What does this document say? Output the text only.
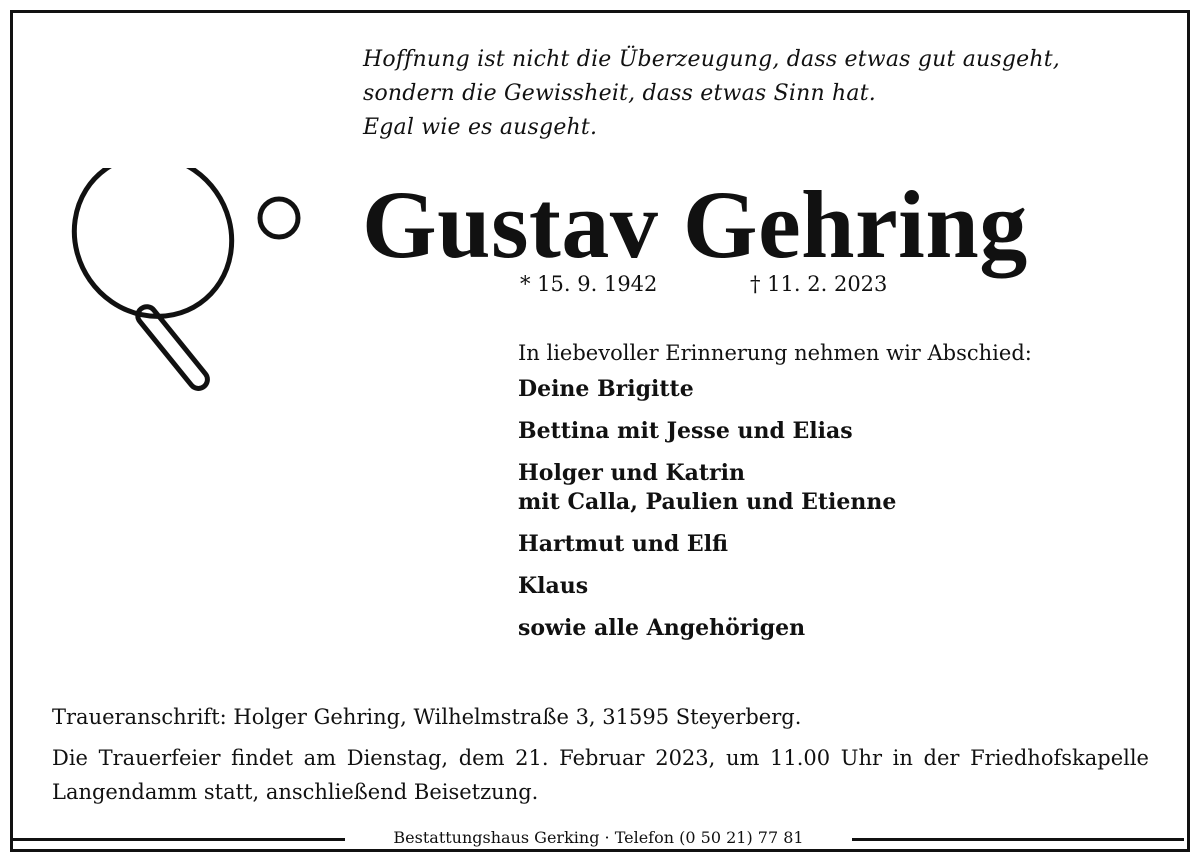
Hoffnung ist nicht die Überzeugung, dass etwas gut ausgeht,
sondern die Gewissheit, dass etwas Sinn hat.
Egal wie es ausgeht.
Gustav Gehring
* 15. 9. 1942	† 11. 2. 2023
In liebevoller Erinnerung nehmen wir Abschied:
Deine Brigitte
Bettina mit Jesse und Elias
Holger und Katrin
mit Calla, Paulien und Etienne
Hartmut und Elfi
Klaus
sowie alle Angehörigen
Traueranschrift: Holger Gehring, Wilhelmstraße 3, 31595 Steyerberg.
Die Trauerfeier findet am Dienstag, dem 21. Februar 2023, um 11.00 Uhr in der Friedhofskapelle Langendamm statt, anschließend Beisetzung.
Bestattungshaus Gerking · Telefon (0 50 21) 77 81
